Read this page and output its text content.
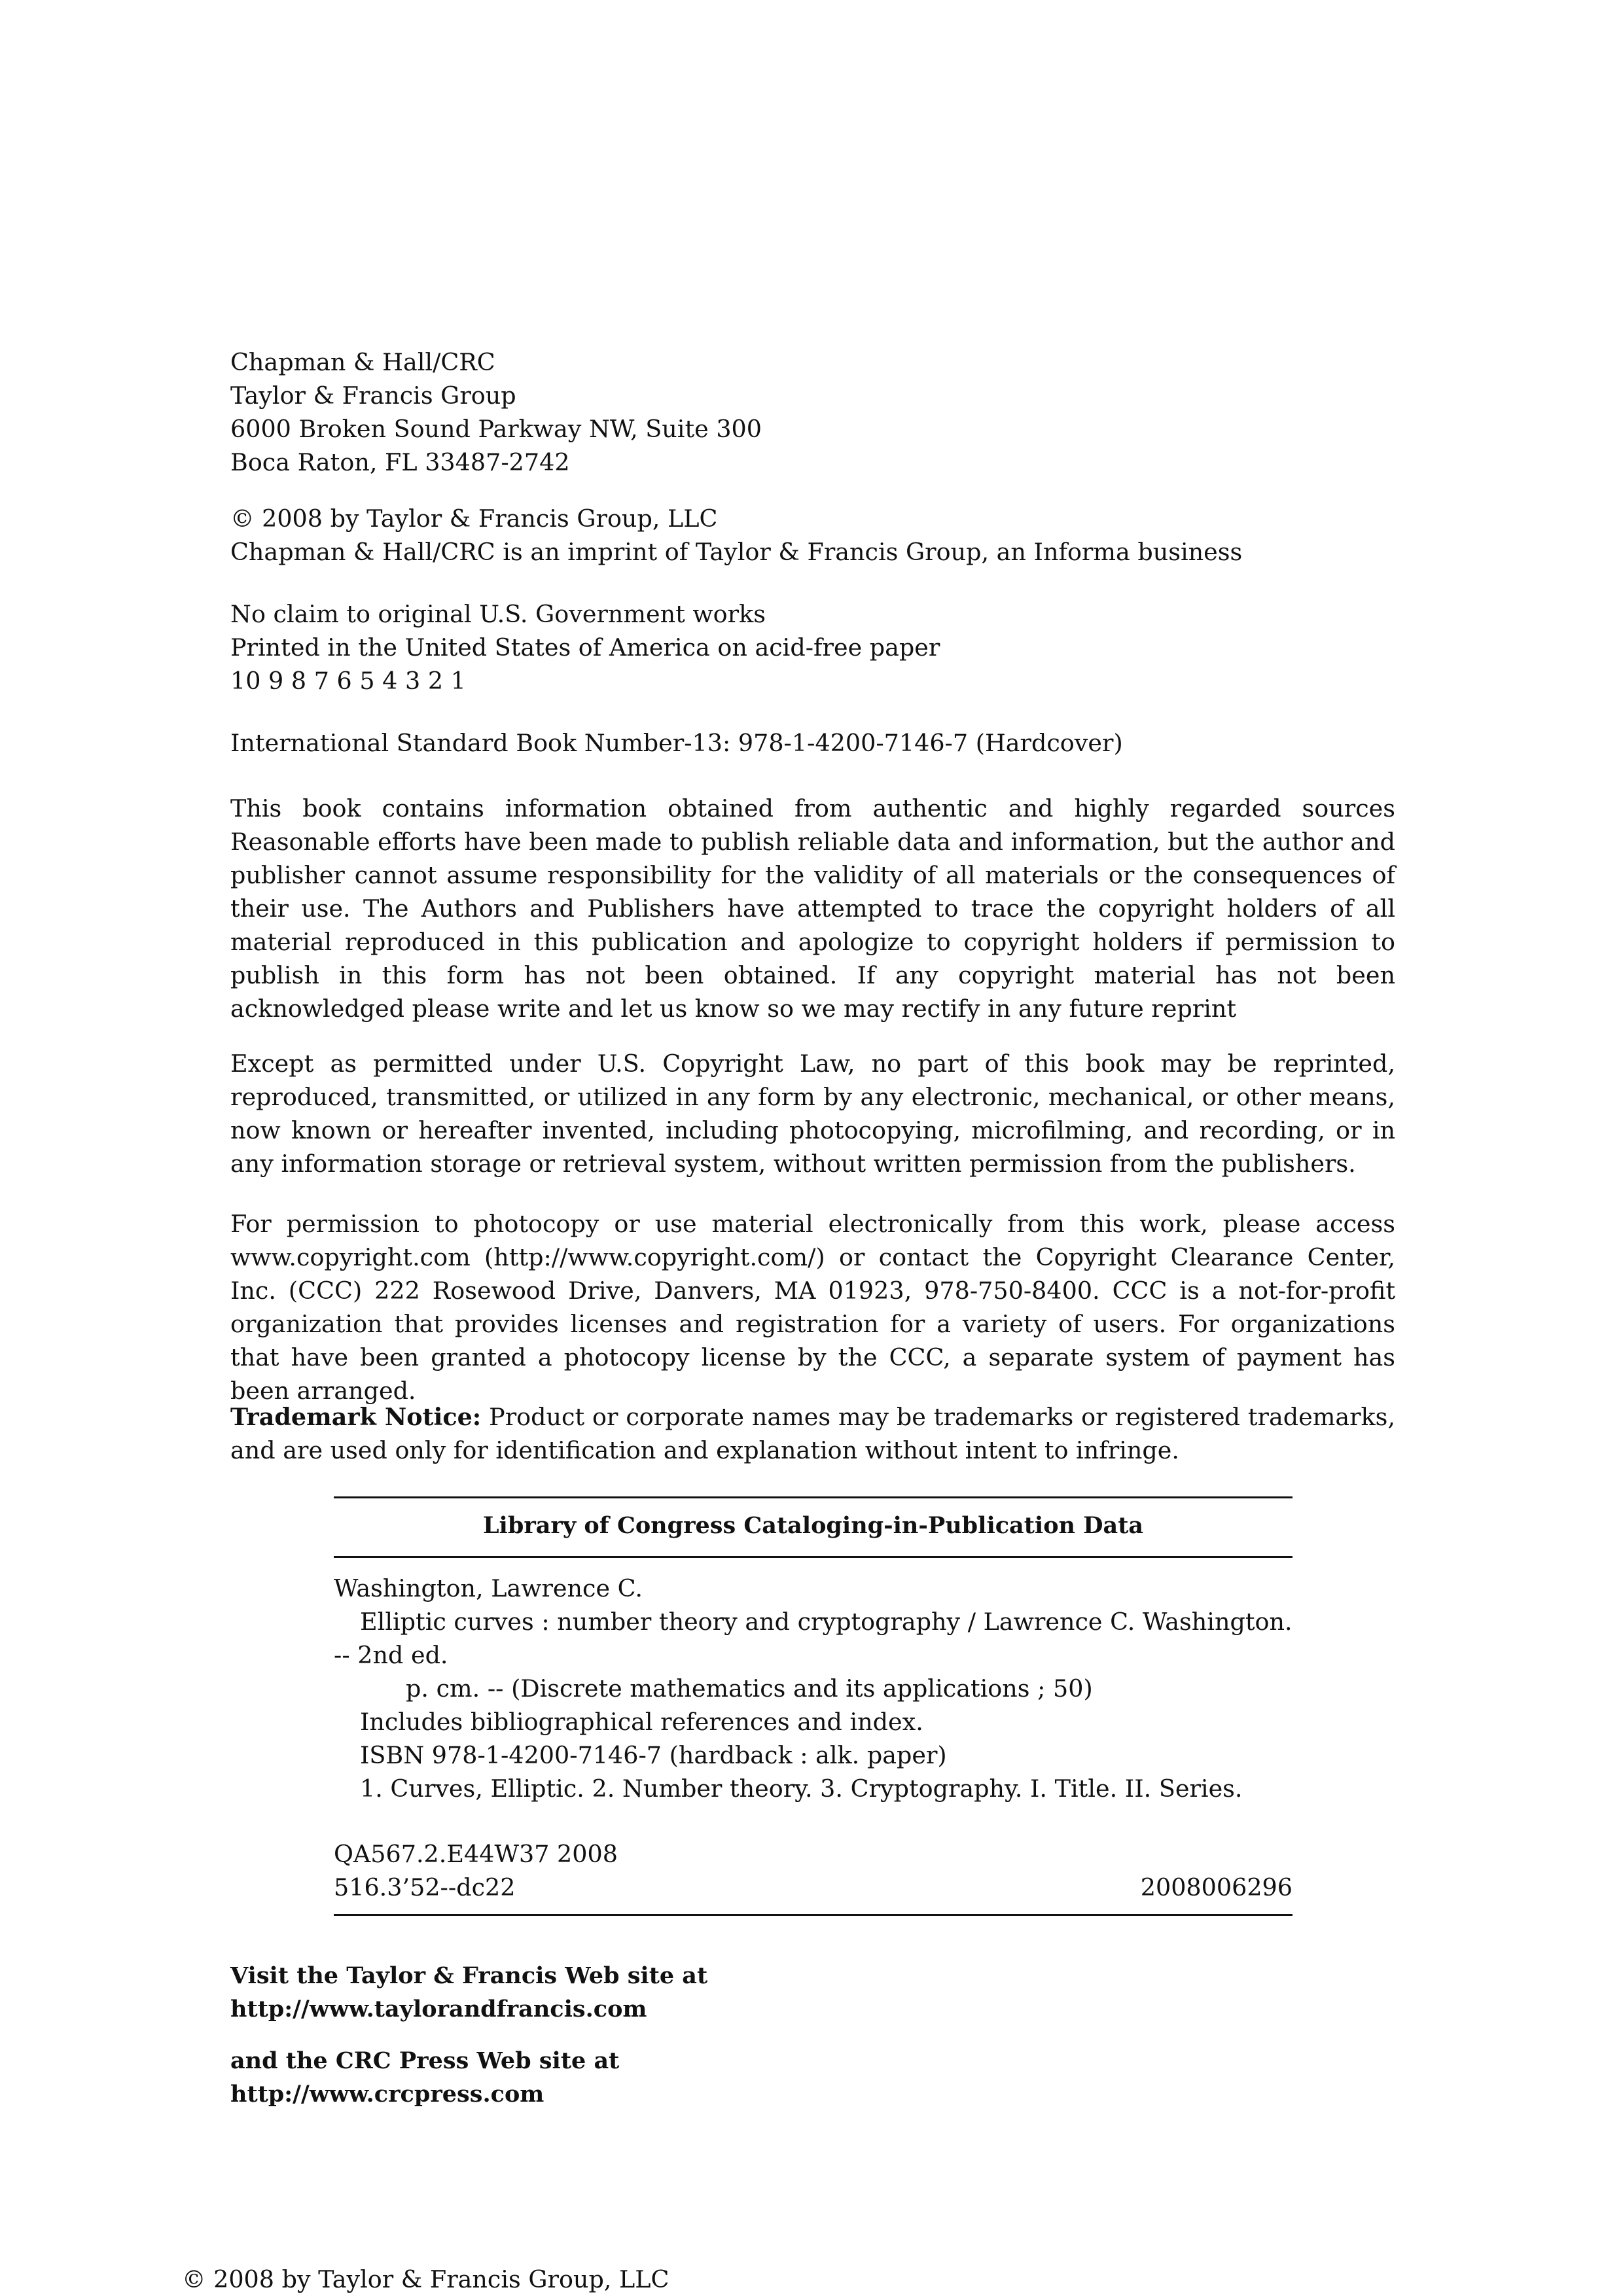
Chapman & Hall/CRC
Taylor & Francis Group
6000 Broken Sound Parkway NW, Suite 300
Boca Raton, FL 33487-2742
© 2008 by Taylor & Francis Group, LLC
Chapman & Hall/CRC is an imprint of Taylor & Francis Group, an Informa business
No claim to original U.S. Government works
Printed in the United States of America on acid-free paper
10 9 8 7 6 5 4 3 2 1
International Standard Book Number-13: 978-1-4200-7146-7 (Hardcover)
This book contains information obtained from authentic and highly regarded sources Reasonable efforts have been made to publish reliable data and information, but the author and publisher cannot assume responsibility for the validity of all materials or the consequences of their use. The Authors and Publishers have attempted to trace the copyright holders of all material reproduced in this publication and apologize to copyright holders if permission to publish in this form has not been obtained. If any copyright material has not been acknowledged please write and let us know so we may rectify in any future reprint
Except as permitted under U.S. Copyright Law, no part of this book may be reprinted, reproduced, transmitted, or utilized in any form by any electronic, mechanical, or other means, now known or hereafter invented, including photocopying, microfilming, and recording, or in any information storage or retrieval system, without written permission from the publishers.
For permission to photocopy or use material electronically from this work, please access www.copyright.com (http://www.copyright.com/) or contact the Copyright Clearance Center, Inc. (CCC) 222 Rosewood Drive, Danvers, MA 01923, 978-750-8400. CCC is a not-for-profit organization that provides licenses and registration for a variety of users. For organizations that have been granted a photocopy license by the CCC, a separate system of payment has been arranged.
Trademark Notice: Product or corporate names may be trademarks or registered trademarks, and are used only for identification and explanation without intent to infringe.
Library of Congress Cataloging-in-Publication Data
Washington, Lawrence C.
Elliptic curves : number theory and cryptography / Lawrence C. Washington.
-- 2nd ed.
p. cm. -- (Discrete mathematics and its applications ; 50)
Includes bibliographical references and index.
ISBN 978-1-4200-7146-7 (hardback : alk. paper)
1. Curves, Elliptic. 2. Number theory. 3. Cryptography. I. Title. II. Series.
QA567.2.E44W37 2008
516.3’52--dc22	2008006296
Visit the Taylor & Francis Web site at
http://www.taylorandfrancis.com
and the CRC Press Web site at
http://www.crcpress.com
© 2008 by Taylor & Francis Group, LLC
